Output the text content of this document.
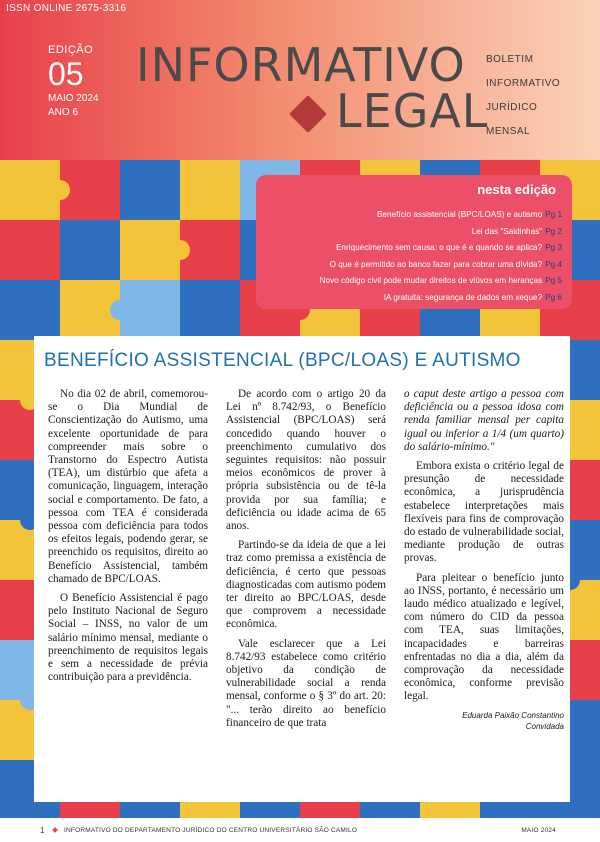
ISSN ONLINE 2675-3316
EDIÇÃO
05
MAIO 2024
ANO 6
INFORMATIVO
LEGAL
BOLETIM
INFORMATIVO
JURÍDICO
MENSAL
nesta edição
Benefício assistencial (BPC/LOAS) e autismo Pg 1
Lei das "Saidinhas" Pg 2
Enriquecimento sem causa: o que é e quando se aplica? Pg 3
O que é permitido ao banco fazer para cobrar uma dívida? Pg 4
Novo código civil pode mudar direitos de viúvos em heranças Pg 5
IA gratuita: segurança de dados em xeque? Pg 6
BENEFÍCIO ASSISTENCIAL (BPC/LOAS) E AUTISMO

No dia 02 de abril, comemorou-se o Dia Mundial de Conscientização do Autismo, uma excelente oportunidade de para compreender mais sobre o Transtorno do Espectro Autista (TEA), um distúrbio que afeta a comunicação, linguagem, interação social e comportamento. De fato, a pessoa com TEA é considerada pessoa com deficiência para todos os efeitos legais, podendo gerar, se preenchido os requisitos, direito ao Benefício Assistencial, também chamado de BPC/LOAS.

O Benefício Assistencial é pago pelo Instituto Nacional de Seguro Social – INSS, no valor de um salário mínimo mensal, mediante o preenchimento de requisitos legais e sem a necessidade de prévia contribuição para a previdência.

De acordo com o artigo 20 da Lei nº 8.742/93, o Benefício Assistencial (BPC/LOAS) será concedido quando houver o preenchimento cumulativo dos seguintes requisitos: não possuir meios econômicos de prover à própria subsistência ou de tê-la provida por sua família; e deficiência ou idade acima de 65 anos.

Partindo-se da ideia de que a lei traz como premissa a existência de deficiência, é certo que pessoas diagnosticadas com autismo podem ter direito ao BPC/LOAS, desde que comprovem a necessidade econômica.

Vale esclarecer que a Lei 8.742/93 estabelece como critério objetivo da condição de vulnerabilidade social a renda mensal, conforme o § 3º do art. 20: "... terão direito ao benefício financeiro de que trata

o caput deste artigo a pessoa com deficiência ou a pessoa idosa com renda familiar mensal per capita igual ou inferior a 1/4 (um quarto) do salário-mínimo."

Embora exista o critério legal de presunção de necessidade econômica, a jurisprudência estabelece interpretações mais flexíveis para fins de comprovação do estado de vulnerabilidade social, mediante produção de outras provas.

Para pleitear o benefício junto ao INSS, portanto, é necessário um laudo médico atualizado e legível, com número do CID da pessoa com TEA, suas limitações, incapacidades e barreiras enfrentadas no dia a dia, além da comprovação da necessidade econômica, conforme previsão legal.

Eduarda Paixão Constantino
Convidada
1	INFORMATIVO DO DEPARTAMENTO JURÍDICO DO CENTRO UNIVERSITÁRIO SÃO CAMILO	MAIO 2024
